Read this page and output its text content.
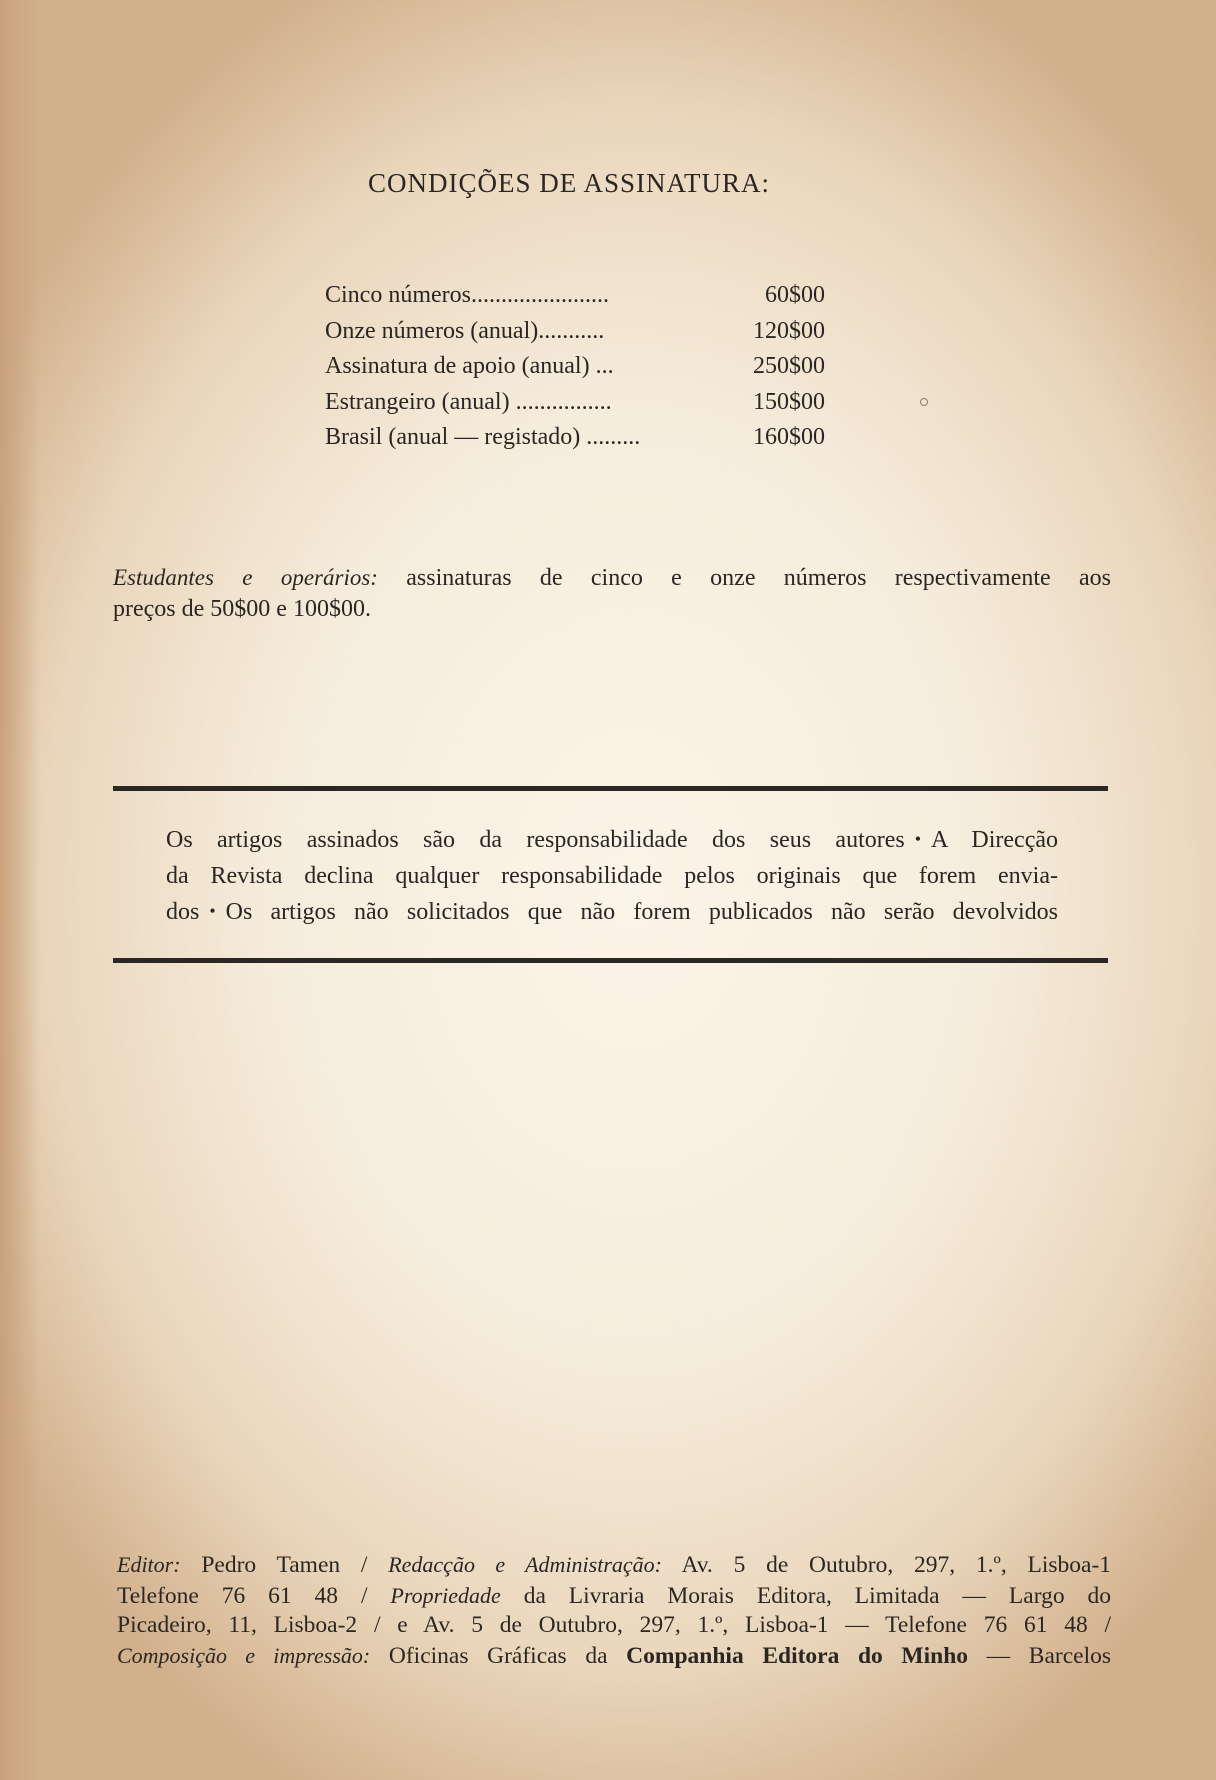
CONDIÇÕES DE ASSINATURA:
Cinco números.......................	60$00
Onze números (anual)...........	120$00
Assinatura de apoio (anual) ...	250$00
Estrangeiro (anual) ................	150$00
Brasil (anual — registado) .........	160$00
Estudantes e operários: assinaturas de cinco e onze números respectivamente aos
preços de 50$00 e 100$00.
Os artigos assinados são da responsabilidade dos seus autores • A Direcção
da Revista declina qualquer responsabilidade pelos originais que forem envia-
dos • Os artigos não solicitados que não forem publicados não serão devolvidos
Editor: Pedro Tamen / Redacção e Administração: Av. 5 de Outubro, 297, 1.º, Lisboa-1
Telefone 76 61 48 / Propriedade da Livraria Morais Editora, Limitada — Largo do
Picadeiro, 11, Lisboa-2 / e Av. 5 de Outubro, 297, 1.º, Lisboa-1 — Telefone 76 61 48 /
Composição e impressão: Oficinas Gráficas da Companhia Editora do Minho — Barcelos
